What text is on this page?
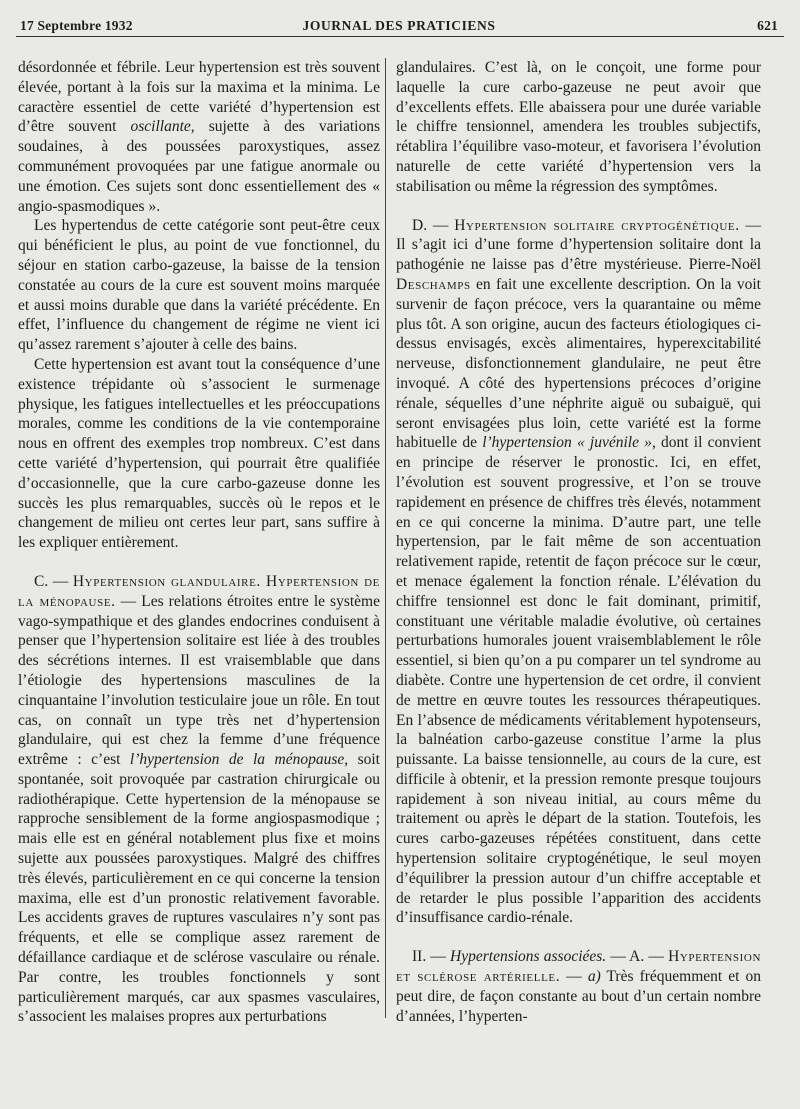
17 Septembre 1932	JOURNAL DES PRATICIENS	621

désordonnée et fébrile. Leur hypertension est très souvent élevée, portant à la fois sur la maxima et la minima. Le caractère essentiel de cette variété d’hypertension est d’être souvent oscillante, sujette à des variations soudaines, à des poussées paroxystiques, assez communément provoquées par une fatigue anormale ou une émotion. Ces sujets sont donc essentiellement des « angio-spasmodiques ».

Les hypertendus de cette catégorie sont peut-être ceux qui bénéficient le plus, au point de vue fonctionnel, du séjour en station carbo-gazeuse, la baisse de la tension constatée au cours de la cure est souvent moins marquée et aussi moins durable que dans la variété précédente. En effet, l’influence du changement de régime ne vient ici qu’assez rarement s’ajouter à celle des bains.

Cette hypertension est avant tout la conséquence d’une existence trépidante où s’associent le surmenage physique, les fatigues intellectuelles et les préoccupations morales, comme les conditions de la vie contemporaine nous en offrent des exemples trop nombreux. C’est dans cette variété d’hypertension, qui pourrait être qualifiée d’occasionnelle, que la cure carbo-gazeuse donne les succès les plus remarquables, succès où le repos et le changement de milieu ont certes leur part, sans suffire à les expliquer entièrement.

C. — Hypertension glandulaire. Hypertension de la ménopause. — Les relations étroites entre le système vago-sympathique et des glandes endocrines conduisent à penser que l’hypertension solitaire est liée à des troubles des sécrétions internes. Il est vraisemblable que dans l’étiologie des hypertensions masculines de la cinquantaine l’involution testiculaire joue un rôle. En tout cas, on connaît un type très net d’hypertension glandulaire, qui est chez la femme d’une fréquence extrême : c’est l’hypertension de la ménopause, soit spontanée, soit provoquée par castration chirurgicale ou radiothérapique. Cette hypertension de la ménopause se rapproche sensiblement de la forme angiospasmodique ; mais elle est en général notablement plus fixe et moins sujette aux poussées paroxystiques. Malgré des chiffres très élevés, particulièrement en ce qui concerne la tension maxima, elle est d’un pronostic relativement favorable. Les accidents graves de ruptures vasculaires n’y sont pas fréquents, et elle se complique assez rarement de défaillance cardiaque et de sclérose vasculaire ou rénale. Par contre, les troubles fonctionnels y sont particulièrement marqués, car aux spasmes vasculaires, s’associent les malaises propres aux perturbations

glandulaires. C’est là, on le conçoit, une forme pour laquelle la cure carbo-gazeuse ne peut avoir que d’excellents effets. Elle abaissera pour une durée variable le chiffre tensionnel, amendera les troubles subjectifs, rétablira l’équilibre vaso-moteur, et favorisera l’évolution naturelle de cette variété d’hypertension vers la stabilisation ou même la régression des symptômes.

D. — Hypertension solitaire cryptogénétique. — Il s’agit ici d’une forme d’hypertension solitaire dont la pathogénie ne laisse pas d’être mystérieuse. Pierre-Noël Deschamps en fait une excellente description. On la voit survenir de façon précoce, vers la quarantaine ou même plus tôt. A son origine, aucun des facteurs étiologiques ci-dessus envisagés, excès alimentaires, hyperexcitabilité nerveuse, disfonctionnement glandulaire, ne peut être invoqué. A côté des hypertensions précoces d’origine rénale, séquelles d’une néphrite aiguë ou subaiguë, qui seront envisagées plus loin, cette variété est la forme habituelle de l’hypertension « juvénile », dont il convient en principe de réserver le pronostic. Ici, en effet, l’évolution est souvent progressive, et l’on se trouve rapidement en présence de chiffres très élevés, notamment en ce qui concerne la minima. D’autre part, une telle hypertension, par le fait même de son accentuation relativement rapide, retentit de façon précoce sur le cœur, et menace également la fonction rénale. L’élévation du chiffre tensionnel est donc le fait dominant, primitif, constituant une véritable maladie évolutive, où certaines perturbations humorales jouent vraisemblablement le rôle essentiel, si bien qu’on a pu comparer un tel syndrome au diabète. Contre une hypertension de cet ordre, il convient de mettre en œuvre toutes les ressources thérapeutiques. En l’absence de médicaments véritablement hypotenseurs, la balnéation carbo-gazeuse constitue l’arme la plus puissante. La baisse tensionnelle, au cours de la cure, est difficile à obtenir, et la pression remonte presque toujours rapidement à son niveau initial, au cours même du traitement ou après le départ de la station. Toutefois, les cures carbo-gazeuses répétées constituent, dans cette hypertension solitaire cryptogénétique, le seul moyen d’équilibrer la pression autour d’un chiffre acceptable et de retarder le plus possible l’apparition des accidents d’insuffisance cardio-rénale.

II. — Hypertensions associées. — A. — Hypertension et sclérose artérielle. — a) Très fréquemment et on peut dire, de façon constante au bout d’un certain nombre d’années, l’hyperten-
